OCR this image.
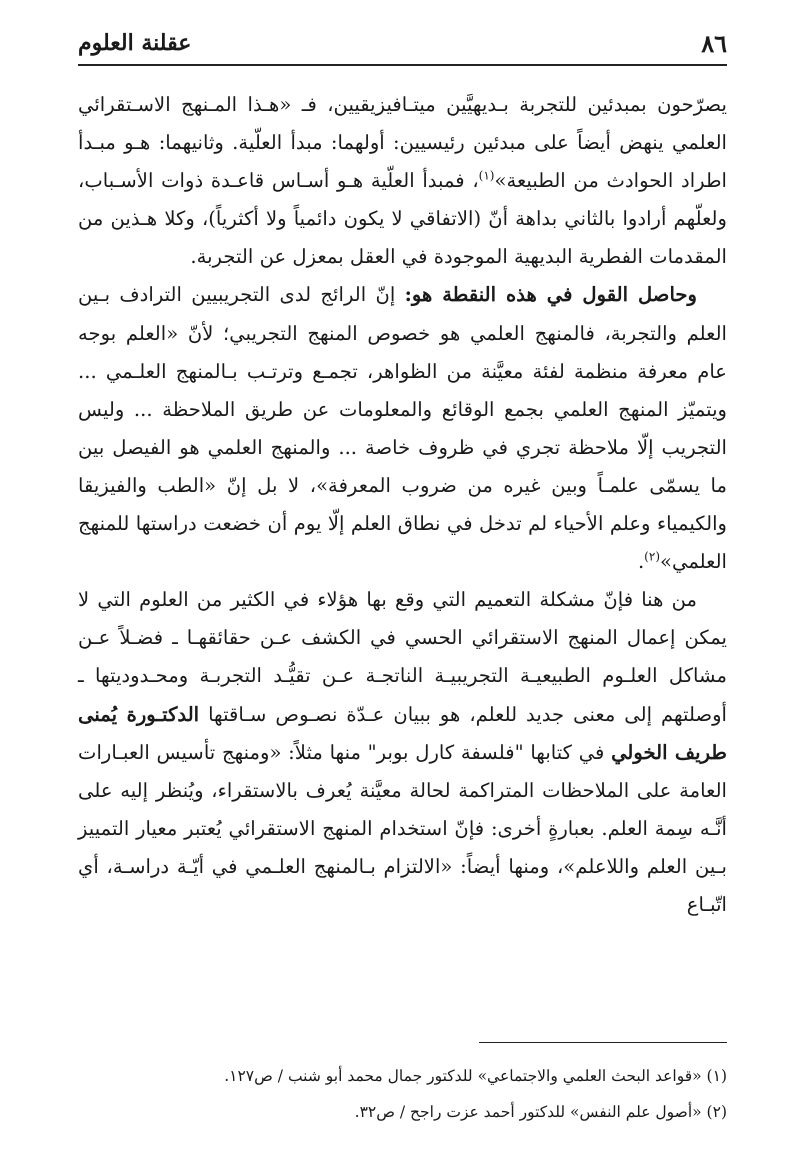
٨٦
عقلنة العلوم

يصرّحون بمبدئين للتجربة بـديهيَّين ميتـافيزيقيين، فـ «هـذا المـنهج الاسـتقرائي العلمي ينهض أيضاً على مبدئين رئيسيين: أولهما: مبدأ العلّية. وثانيهما: هـو مبـدأ اطراد الحوادث من الطبيعة»$^{(١)}$، فمبدأ العلّية هـو أسـاس قاعـدة ذوات الأسـباب، ولعلّهم أرادوا بالثاني بداهة أنّ (الاتفاقي لا يكون دائمياً ولا أكثرياً)، وكلا هـذين من المقدمات الفطرية البديهية الموجودة في العقل بمعزل عن التجربة.

وحاصل القول في هذه النقطة هو: إنّ الرائج لدى التجريبيين الترادف بـين العلم والتجربة، فالمنهج العلمي هو خصوص المنهج التجريبي؛ لأنّ «العلم بوجه عام معرفة منظمة لفئة معيَّنة من الظواهر، تجمـع وترتـب بـالمنهج العلـمي ... ويتميّز المنهج العلمي بجمع الوقائع والمعلومات عن طريق الملاحظة ... وليس التجريب إلّا ملاحظة تجري في ظروف خاصة ... والمنهج العلمي هو الفيصل بين ما يسمّى علمـاً وبين غيره من ضروب المعرفة»، لا بل إنّ «الطب والفيزيقا والكيمياء وعلم الأحياء لم تدخل في نطاق العلم إلّا يوم أن خضعت دراستها للمنهج العلمي»$^{(٢)}$.

من هنا فإنّ مشكلة التعميم التي وقع بها هؤلاء في الكثير من العلوم التي لا يمكن إعمال المنهج الاستقرائي الحسي في الكشف عـن حقائقهـا ـ فضـلاً عـن مشاكل العلـوم الطبيعيـة التجريبيـة الناتجـة عـن تقيُّـد التجربـة ومحـدوديتها ـ أوصلتهم إلى معنى جديد للعلم، هو ببيان عـدّة نصـوص سـاقتها الدكتـورة يُمنى طريف الخولي في كتابها "فلسفة كارل بوبر" منها مثلاً: «ومنهج تأسيس العبـارات العامة على الملاحظات المتراكمة لحالة معيَّنة يُعرف بالاستقراء، ويُنظر إليه على أنَّـه سِمة العلم. بعبارةٍ أخرى: فإنّ استخدام المنهج الاستقرائي يُعتبر معيار التمييز بـين العلم واللاعلم»، ومنها أيضاً: «الالتزام بـالمنهج العلـمي في أيّـة دراسـة، أي اتّبـاع

(١) «قواعد البحث العلمي والاجتماعي» للدكتور جمال محمد أبو شنب / ص١٢٧.

(٢) «أصول علم النفس» للدكتور أحمد عزت راجح / ص٣٢.
